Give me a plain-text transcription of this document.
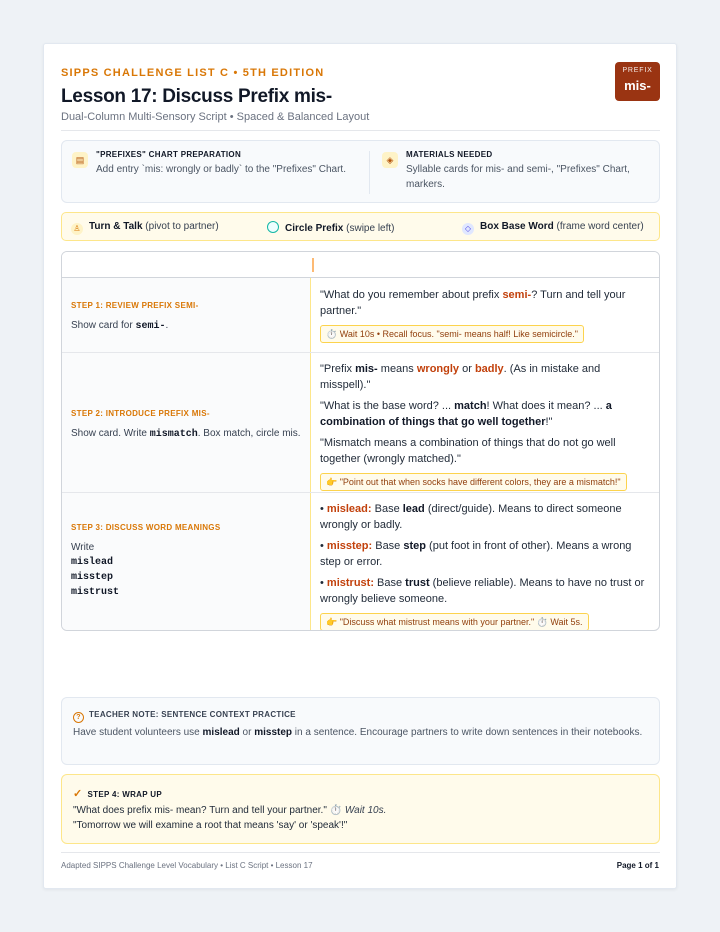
SIPPS CHALLENGE LIST C • 5TH EDITION
Lesson 17: Discuss Prefix mis-
Dual-Column Multi-Sensory Script • Spaced & Balanced Layout
PREFIX
mis-
▤
"PREFIXES" CHART PREPARATION
Add entry `mis: wrongly or badly` to the "Prefixes" Chart.
◈
MATERIALS NEEDED
Syllable cards for mis- and semi-, "Prefixes" Chart, markers.
♙ Turn & Talk (pivot to partner)	Circle Prefix (swipe left)	◇ Box Base Word (frame word center)
STEP 1: REVIEW PREFIX SEMI-
Show card for semi-.
"What do you remember about prefix semi-? Turn and tell your partner."
⏱️ Wait 10s • Recall focus. "semi- means half! Like semicircle."
STEP 2: INTRODUCE PREFIX MIS-
Show card. Write mismatch. Box match, circle mis.
"Prefix mis- means wrongly or badly. (As in mistake and misspell)."
"What is the base word? ... match! What does it mean? ... a combination of things that go well together!"
"Mismatch means a combination of things that do not go well together (wrongly matched)."
👉 "Point out that when socks have different colors, they are a mismatch!"
STEP 3: DISCUSS WORD MEANINGS
Write
mislead
misstep
mistrust
• mislead: Base lead (direct/guide). Means to direct someone wrongly or badly.
• misstep: Base step (put foot in front of other). Means a wrong step or error.
• mistrust: Base trust (believe reliable). Means to have no trust or wrongly believe someone.
👉 "Discuss what mistrust means with your partner." ⏱️ Wait 5s.
? TEACHER NOTE: SENTENCE CONTEXT PRACTICE
Have student volunteers use mislead or misstep in a sentence. Encourage partners to write down sentences in their notebooks.
✓ STEP 4: WRAP UP
"What does prefix mis- mean? Turn and tell your partner." ⏱️ Wait 10s.
"Tomorrow we will examine a root that means 'say' or 'speak'!"
Adapted SIPPS Challenge Level Vocabulary • List C Script • Lesson 17	Page 1 of 1
